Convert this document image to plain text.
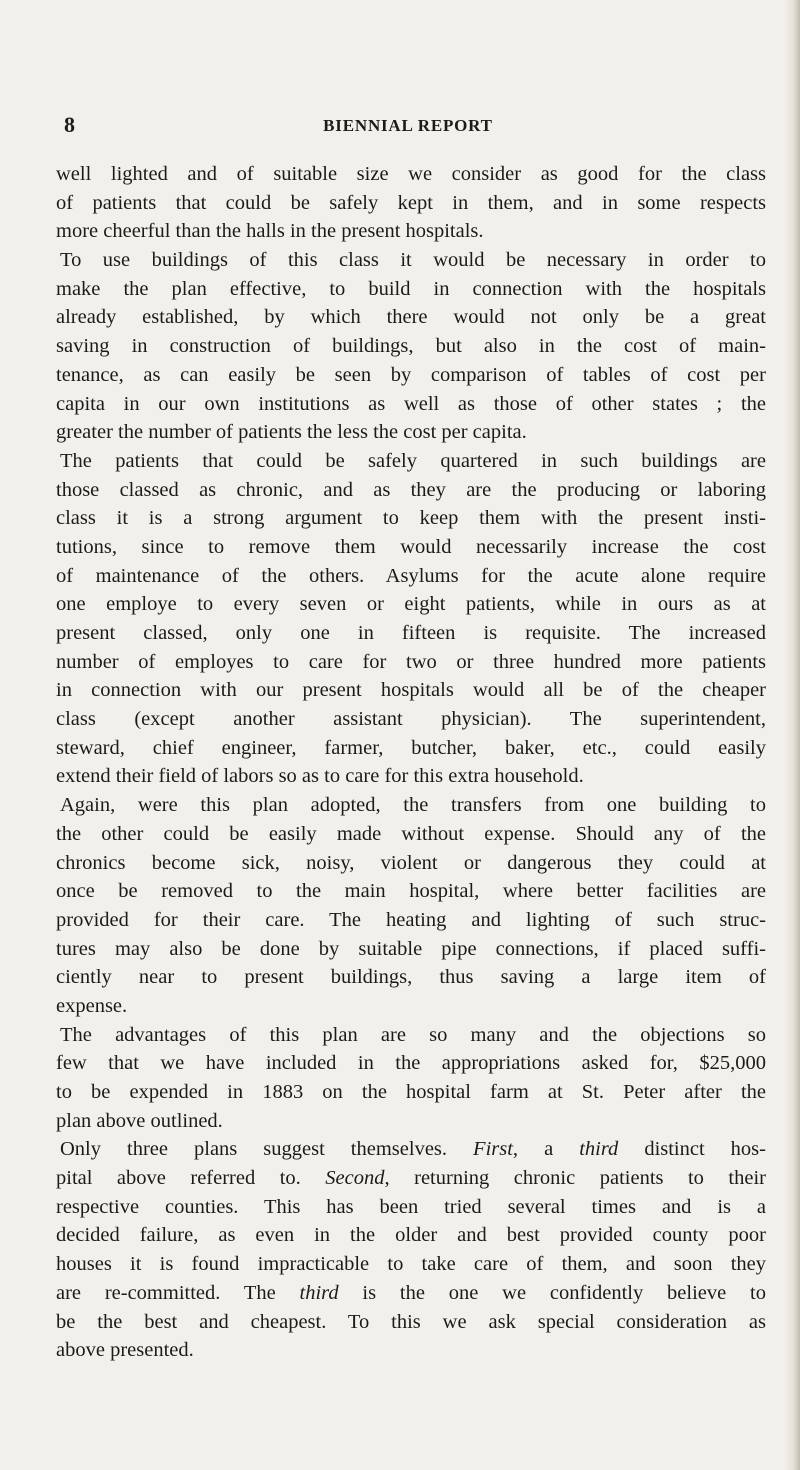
8	BIENNIAL REPORT
well lighted and of suitable size we consider as good for the class
of patients that could be safely kept in them, and in some respects
more cheerful than the halls in the present hospitals.
To use buildings of this class it would be necessary in order to
make the plan effective, to build in connection with the hospitals
already established, by which there would not only be a great
saving in construction of buildings, but also in the cost of main-
tenance, as can easily be seen by comparison of tables of cost per
capita in our own institutions as well as those of other states ; the
greater the number of patients the less the cost per capita.
The patients that could be safely quartered in such buildings are
those classed as chronic, and as they are the producing or laboring
class it is a strong argument to keep them with the present insti-
tutions, since to remove them would necessarily increase the cost
of maintenance of the others. Asylums for the acute alone require
one employe to every seven or eight patients, while in ours as at
present classed, only one in fifteen is requisite. The increased
number of employes to care for two or three hundred more patients
in connection with our present hospitals would all be of the cheaper
class (except another assistant physician). The superintendent,
steward, chief engineer, farmer, butcher, baker, etc., could easily
extend their field of labors so as to care for this extra household.
Again, were this plan adopted, the transfers from one building to
the other could be easily made without expense. Should any of the
chronics become sick, noisy, violent or dangerous they could at
once be removed to the main hospital, where better facilities are
provided for their care. The heating and lighting of such struc-
tures may also be done by suitable pipe connections, if placed suffi-
ciently near to present buildings, thus saving a large item of
expense.
The advantages of this plan are so many and the objections so
few that we have included in the appropriations asked for, $25,000
to be expended in 1883 on the hospital farm at St. Peter after the
plan above outlined.
Only three plans suggest themselves. First, a third distinct hos-
pital above referred to. Second, returning chronic patients to their
respective counties. This has been tried several times and is a
decided failure, as even in the older and best provided county poor
houses it is found impracticable to take care of them, and soon they
are re-committed. The third is the one we confidently believe to
be the best and cheapest. To this we ask special consideration as
above presented.
